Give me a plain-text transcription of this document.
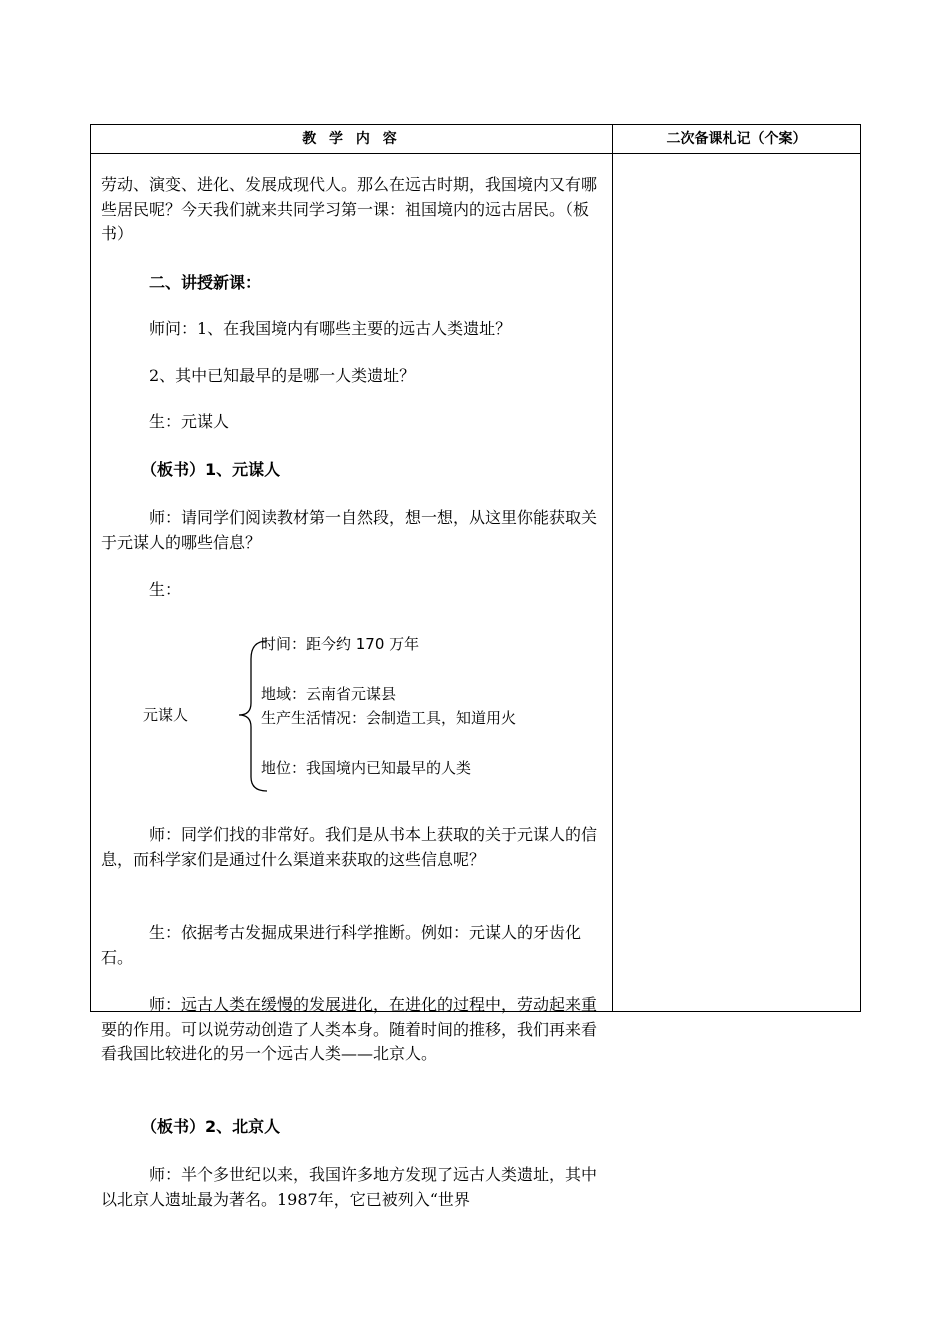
教 学 内 容	二次备课札记（个案）

劳动、演变、进化、发展成现代人。那么在远古时期，我国境内又有哪些居民呢？今天我们就来共同学习第一课：祖国境内的远古居民。（板书）

二、讲授新课：

师问：1、在我国境内有哪些主要的远古人类遗址？

2、其中已知最早的是哪一人类遗址？

生：元谋人

（板书）1、元谋人

师：请同学们阅读教材第一自然段，想一想，从这里你能获取关于元谋人的哪些信息？

生：

元谋人
时间：距今约 170 万年
地域：云南省元谋县
生产生活情况：会制造工具，知道用火
地位：我国境内已知最早的人类

师：同学们找的非常好。我们是从书本上获取的关于元谋人的信息，而科学家们是通过什么渠道来获取的这些信息呢？

生：依据考古发掘成果进行科学推断。例如：元谋人的牙齿化石。

师：远古人类在缓慢的发展进化，在进化的过程中，劳动起来重要的作用。可以说劳动创造了人类本身。随着时间的推移，我们再来看看我国比较进化的另一个远古人类——北京人。

（板书）2、北京人

师：半个多世纪以来，我国许多地方发现了远古人类遗址，其中以北京人遗址最为著名。1987年，它已被列入“世界
